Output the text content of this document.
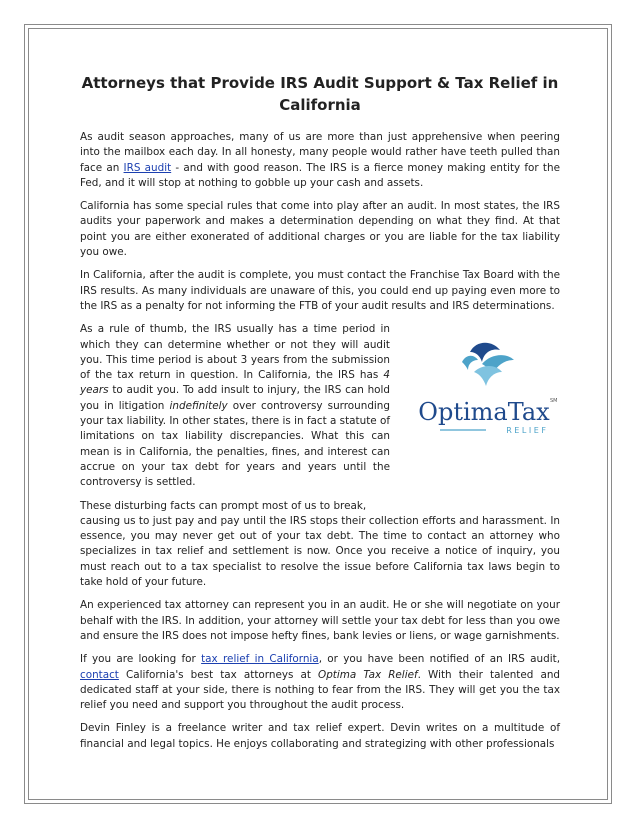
Attorneys that Provide IRS Audit Support & Tax Relief in California

As audit season approaches, many of us are more than just apprehensive when peering into the mailbox each day. In all honesty, many people would rather have teeth pulled than face an IRS audit - and with good reason. The IRS is a fierce money making entity for the Fed, and it will stop at nothing to gobble up your cash and assets.

California has some special rules that come into play after an audit. In most states, the IRS audits your paperwork and makes a determination depending on what they find. At that point you are either exonerated of additional charges or you are liable for the tax liability you owe.

In California, after the audit is complete, you must contact the Franchise Tax Board with the IRS results. As many individuals are unaware of this, you could end up paying even more to the IRS as a penalty for not informing the FTB of your audit results and IRS determinations.

As a rule of thumb, the IRS usually has a time period in which they can determine whether or not they will audit you. This time period is about 3 years from the submission of the tax return in question. In California, the IRS has 4 years to audit you. To add insult to injury, the IRS can hold you in litigation indefinitely over controversy surrounding your tax liability. In other states, there is in fact a statute of limitations on tax liability discrepancies. What this can mean is in California, the penalties, fines, and interest can accrue on your tax debt for years and years until the controversy is settled.

OptimaTax SM
R E L I E F

These disturbing facts can prompt most of us to break,
causing us to just pay and pay until the IRS stops their collection efforts and harassment. In essence, you may never get out of your tax debt. The time to contact an attorney who specializes in tax relief and settlement is now. Once you receive a notice of inquiry, you must reach out to a tax specialist to resolve the issue before California tax laws begin to take hold of your future.

An experienced tax attorney can represent you in an audit. He or she will negotiate on your behalf with the IRS. In addition, your attorney will settle your tax debt for less than you owe and ensure the IRS does not impose hefty fines, bank levies or liens, or wage garnishments.

If you are looking for tax relief in California, or you have been notified of an IRS audit, contact California's best tax attorneys at Optima Tax Relief. With their talented and dedicated staff at your side, there is nothing to fear from the IRS. They will get you the tax relief you need and support you throughout the audit process.

Devin Finley is a freelance writer and tax relief expert. Devin writes on a multitude of financial and legal topics. He enjoys collaborating and strategizing with other professionals
